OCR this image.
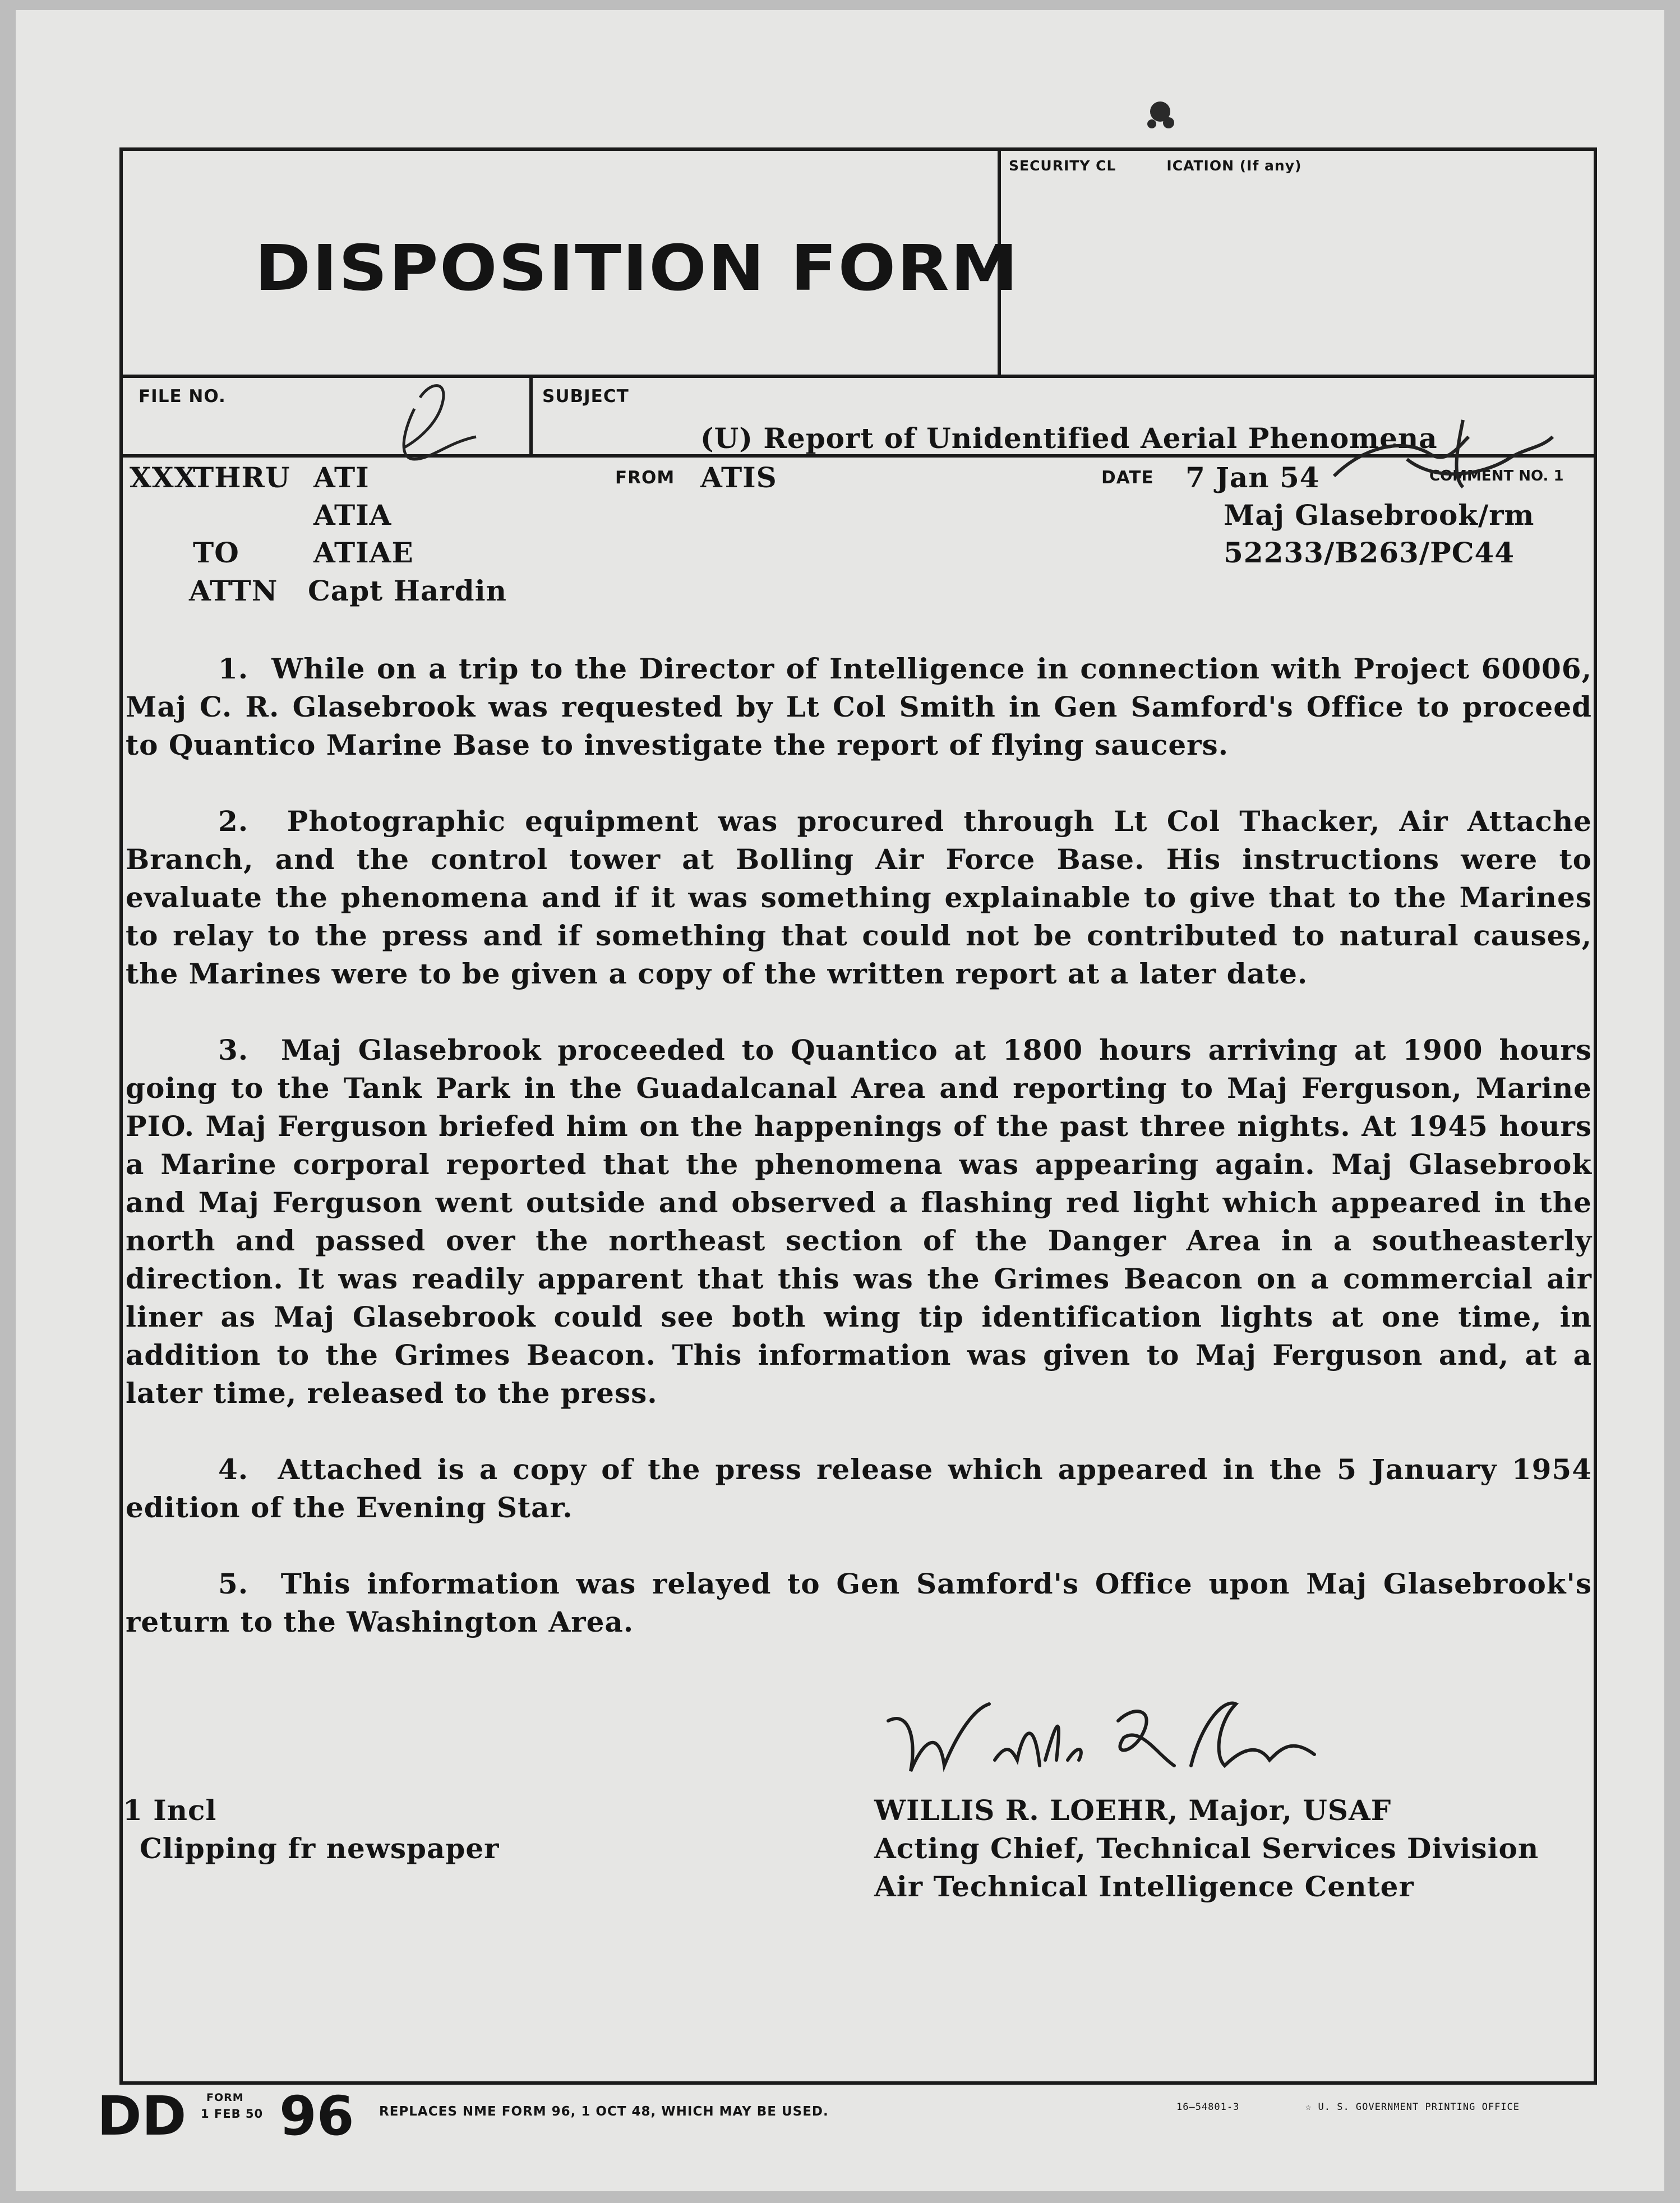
DISPOSITION FORM
SECURITY CL	ICATION (If any)
FILE NO.	SUBJECT
(U) Report of Unidentified Aerial Phenomena
XXX
THRU ATI
ATIA
TO	ATIAE
ATTN Capt Hardin
FROM ATIS	DATE 7 Jan 54	COMMENT NO. 1
Maj Glasebrook/rm
52233/B263/PC44
1. While on a trip to the Director of Intelligence in connection with Project 60006, Maj C. R. Glasebrook was requested by Lt Col Smith in Gen Samford's Office to proceed to Quantico Marine Base to investigate the report of flying saucers.
2. Photographic equipment was procured through Lt Col Thacker, Air Attache Branch, and the control tower at Bolling Air Force Base. His instructions were to evaluate the phenomena and if it was something explainable to give that to the Marines to relay to the press and if something that could not be contributed to natural causes, the Marines were to be given a copy of the written report at a later date.
3. Maj Glasebrook proceeded to Quantico at 1800 hours arriving at 1900 hours going to the Tank Park in the Guadalcanal Area and reporting to Maj Ferguson, Marine PIO. Maj Ferguson briefed him on the happenings of the past three nights. At 1945 hours a Marine corporal reported that the phenomena was appearing again. Maj Glasebrook and Maj Ferguson went outside and observed a flashing red light which appeared in the north and passed over the northeast section of the Danger Area in a southeasterly direction. It was readily apparent that this was the Grimes Beacon on a commercial air liner as Maj Glasebrook could see both wing tip identification lights at one time, in addition to the Grimes Beacon. This information was given to Maj Ferguson and, at a later time, released to the press.
4. Attached is a copy of the press release which appeared in the 5 January 1954 edition of the Evening Star.
5. This information was relayed to Gen Samford's Office upon Maj Glasebrook's return to the Washington Area.
WILLIS R. LOEHR, Major, USAF
Acting Chief, Technical Services Division
Air Technical Intelligence Center
1 Incl
Clipping fr newspaper
DD FORM
1 FEB 50 96 REPLACES NME FORM 96, 1 OCT 48, WHICH MAY BE USED.	16—54801-3	☆ U. S. GOVERNMENT PRINTING OFFICE
